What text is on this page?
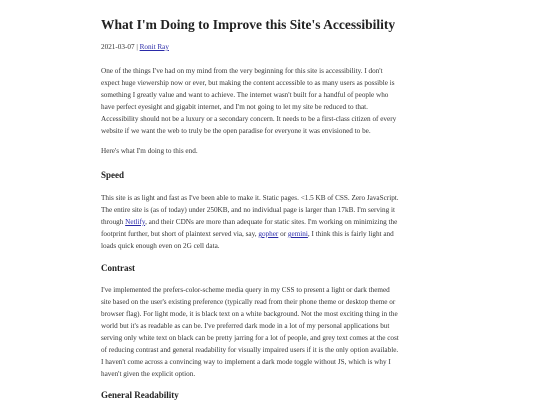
What I'm Doing to Improve this Site's Accessibility
2021-03-07 | Ronit Ray

One of the things I've had on my mind from the very beginning for this site is accessibility. I don't
expect huge viewership now or ever, but making the content accessible to as many users as possible is
something I greatly value and want to achieve. The internet wasn't built for a handful of people who
have perfect eyesight and gigabit internet, and I'm not going to let my site be reduced to that.
Accessibility should not be a luxury or a secondary concern. It needs to be a first-class citizen of every
website if we want the web to truly be the open paradise for everyone it was envisioned to be.

Here's what I'm doing to this end.

Speed

This site is as light and fast as I've been able to make it. Static pages. <1.5 KB of CSS. Zero JavaScript.
The entire site is (as of today) under 250KB, and no individual page is larger than 17kB. I'm serving it
through Netlify, and their CDNs are more than adequate for static sites. I'm working on minimizing the
footprint further, but short of plaintext served via, say, gopher or gemini, I think this is fairly light and
loads quick enough even on 2G cell data.

Contrast

I've implemented the prefers-color-scheme media query in my CSS to present a light or dark themed
site based on the user's existing preference (typically read from their phone theme or desktop theme or
browser flag). For light mode, it is black text on a white background. Not the most exciting thing in the
world but it's as readable as can be. I've preferred dark mode in a lot of my personal applications but
serving only white text on black can be pretty jarring for a lot of people, and grey text comes at the cost
of reducing contrast and general readability for visually impaired users if it is the only option available.
I haven't come across a convincing way to implement a dark mode toggle without JS, which is why I
haven't given the explicit option.

General Readability
